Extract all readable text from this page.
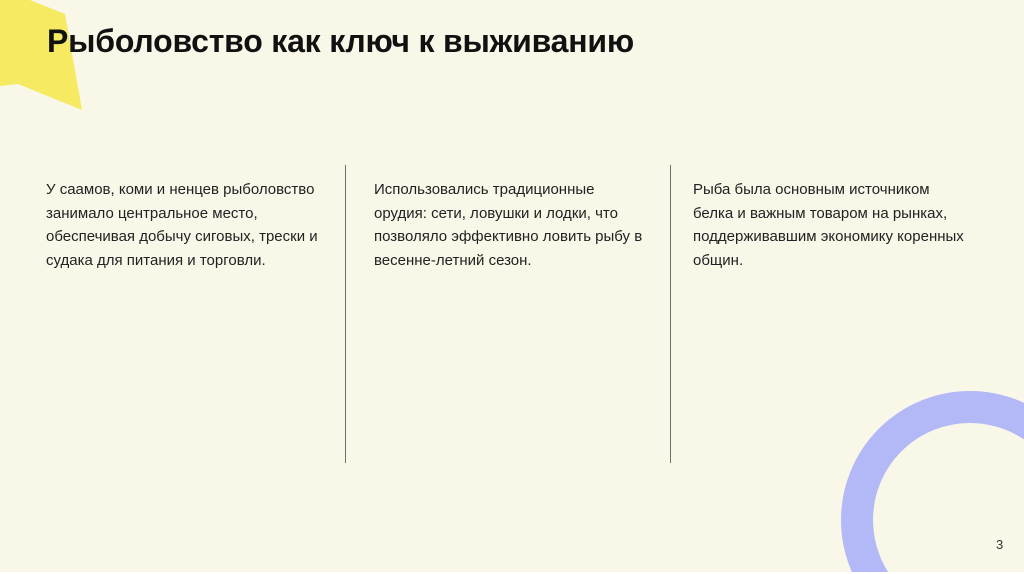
Рыболовство как ключ к выживанию

У саамов, коми и ненцев рыболовство занимало центральное место, обеспечивая добычу сиговых, трески и судака для питания и торговли.

Использовались традиционные орудия: сети, ловушки и лодки, что позволяло эффективно ловить рыбу в весенне-летний сезон.

Рыба была основным источником белка и важным товаром на рынках, поддерживавшим экономику коренных общин.

3
